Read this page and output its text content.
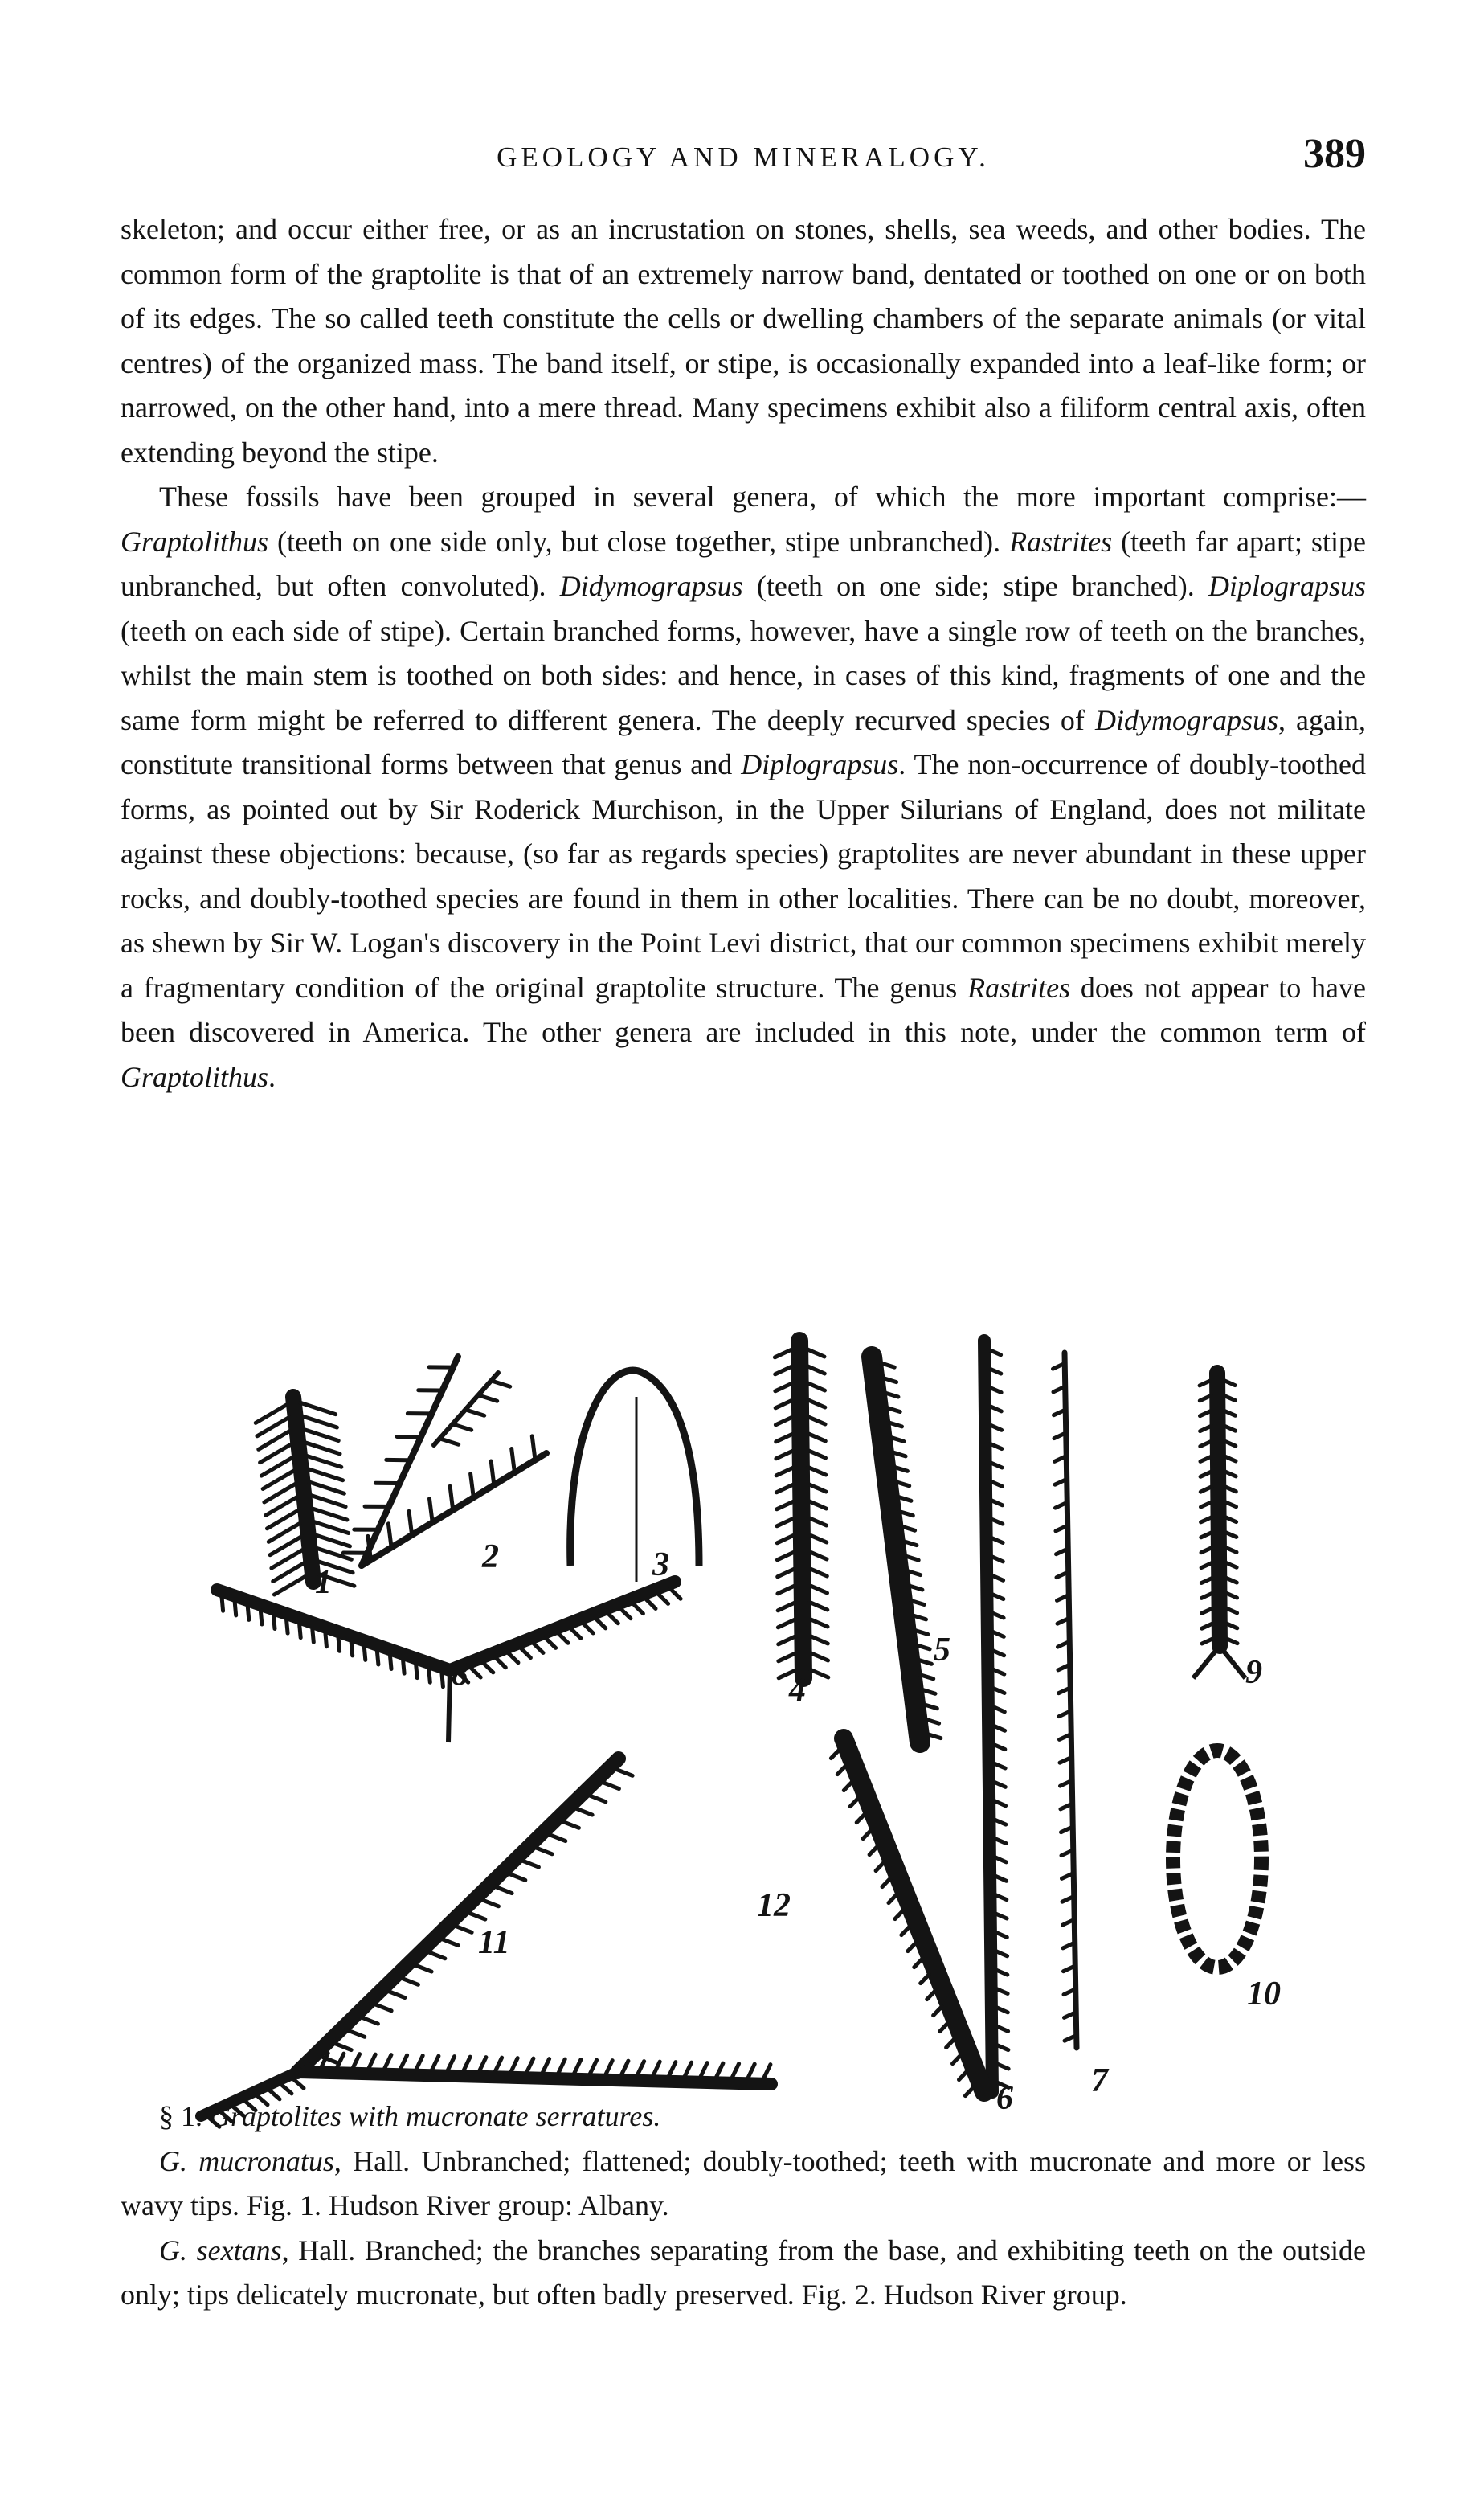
GEOLOGY AND MINERALOGY.	389

skeleton; and occur either free, or as an incrustation on stones, shells, sea weeds, and other bodies. The common form of the graptolite is that of an extremely narrow band, dentated or toothed on one or on both of its edges. The so called teeth constitute the cells or dwelling chambers of the separate animals (or vital centres) of the organized mass. The band itself, or stipe, is occasionally expanded into a leaf-like form; or narrowed, on the other hand, into a mere thread. Many specimens exhibit also a filiform central axis, often extending beyond the stipe.

These fossils have been grouped in several genera, of which the more important comprise:—Graptolithus (teeth on one side only, but close together, stipe unbranched). Rastrites (teeth far apart; stipe unbranched, but often convoluted). Didymograpsus (teeth on one side; stipe branched). Diplograpsus (teeth on each side of stipe). Certain branched forms, however, have a single row of teeth on the branches, whilst the main stem is toothed on both sides: and hence, in cases of this kind, fragments of one and the same form might be referred to different genera. The deeply recurved species of Didymograpsus, again, constitute transitional forms between that genus and Diplograpsus. The non-occurrence of doubly-toothed forms, as pointed out by Sir Roderick Murchison, in the Upper Silurians of England, does not militate against these objections: because, (so far as regards species) graptolites are never abundant in these upper rocks, and doubly-toothed species are found in them in other localities. There can be no doubt, moreover, as shewn by Sir W. Logan's discovery in the Point Levi district, that our common specimens exhibit merely a fragmentary condition of the original graptolite structure. The genus Rastrites does not appear to have been discovered in America. The other genera are included in this note, under the common term of Graptolithus.

1
2	3
4
5
6 7
8	9
10
11
12

§ 1. Graptolites with mucronate serratures.

G. mucronatus, Hall. Unbranched; flattened; doubly-toothed; teeth with mucronate and more or less wavy tips. Fig. 1. Hudson River group: Albany.

G. sextans, Hall. Branched; the branches separating from the base, and exhibiting teeth on the outside only; tips delicately mucronate, but often badly preserved. Fig. 2. Hudson River group.
